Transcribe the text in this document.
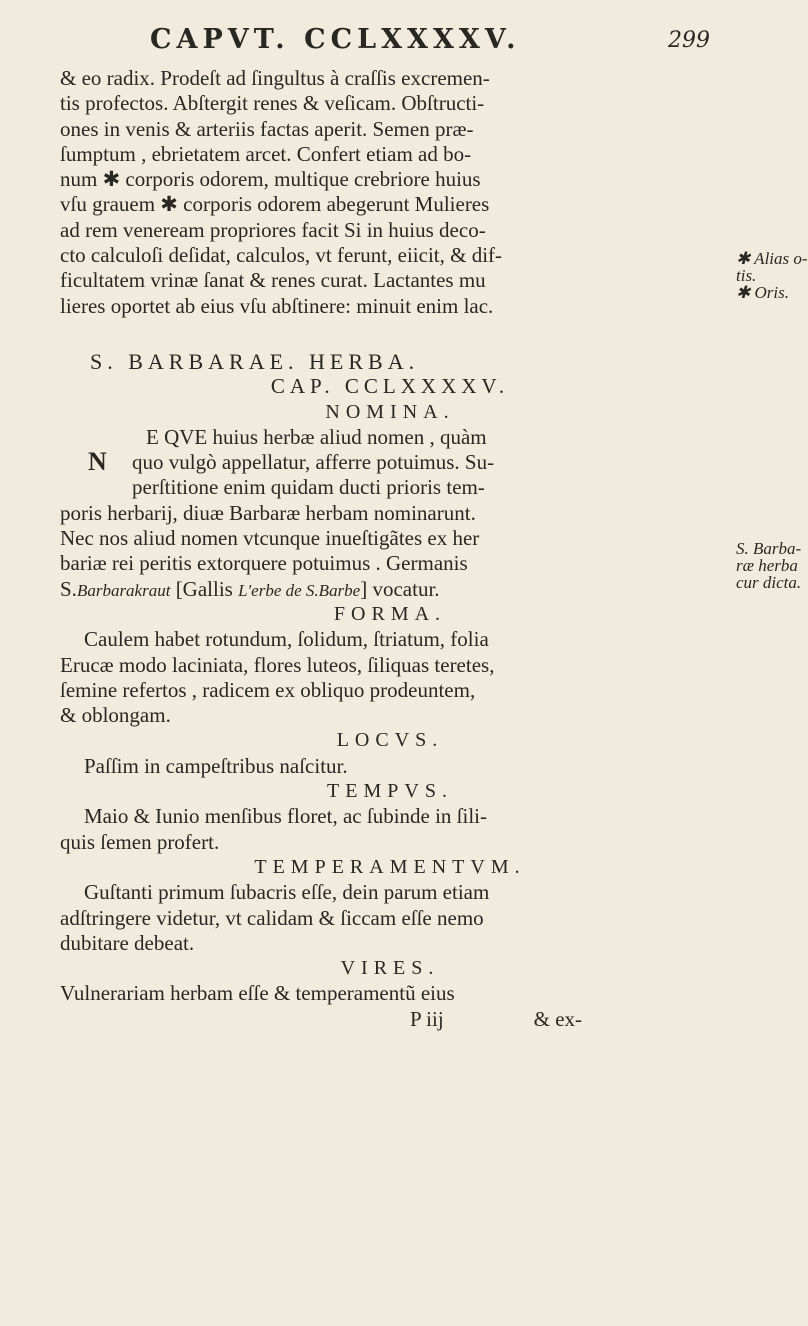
CAPVT. CCLXXXXV.	299
& eo radix. Prodeſt ad ſingultus à craſſis excremen-
tis profectos. Abſtergit renes & veſicam. Obſtructi-
ones in venis & arteriis factas aperit. Semen præ-
ſumptum , ebrietatem arcet. Confert etiam ad bo-
num ✱ corporis odorem, multique crebriore huius
vſu grauem ✱ corporis odorem abegerunt Mulieres
ad rem veneream propriores facit Si in huius deco-
cto calculoſi deſidat, calculos, vt ferunt, eiicit, & dif-
ficultatem vrinæ ſanat & renes curat. Lactantes mu
lieres oportet ab eius vſu abſtinere: minuit enim lac.
S. BARBARAE. HERBA.
CAP. CCLXXXXV.
NOMINA.
N
E QVE huius herbæ aliud nomen , quàm
quo vulgò appellatur, afferre potuimus. Su-
perſtitione enim quidam ducti prioris tem-
poris herbarij, diuæ Barbaræ herbam nominarunt.
Nec nos aliud nomen vtcunque inueſtigãtes ex her
bariæ rei peritis extorquere potuimus . Germanis
S.Barbarakraut [Gallis L'erbe de S.Barbe] vocatur.
FORMA.
Caulem habet rotundum, ſolidum, ſtriatum, folia
Erucæ modo laciniata, flores luteos, ſiliquas teretes,
ſemine refertos , radicem ex obliquo prodeuntem,
& oblongam.
LOCVS.
Paſſim in campeſtribus naſcitur.
TEMPVS.
Maio & Iunio menſibus floret, ac ſubinde in ſili-
quis ſemen profert.
TEMPERAMENTVM.
Guſtanti primum ſubacris eſſe, dein parum etiam
adſtringere videtur, vt calidam & ſiccam eſſe nemo
dubitare debeat.
VIRES.
Vulnerariam herbam eſſe & temperamentũ eius
P iij	& ex-
✱ Alias o-
tis.
✱ Oris.
S. Barba-
ræ herba
cur dicta.
